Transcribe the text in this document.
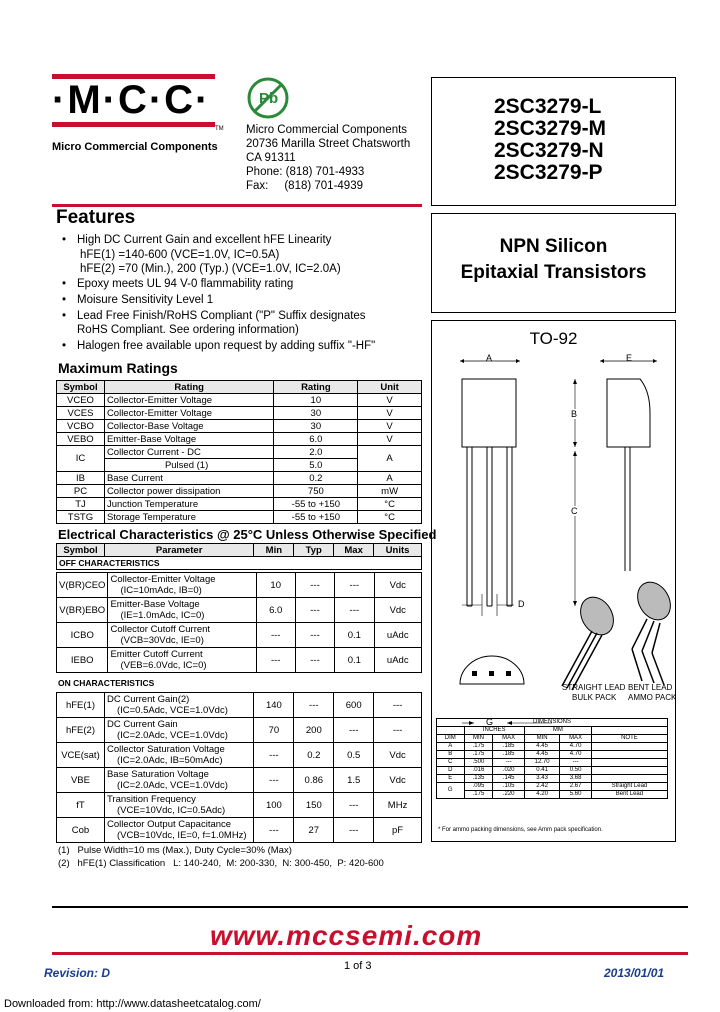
·M·C·C·
TM
Micro Commercial Components
Pb
Micro Commercial Components
20736 Marilla Street Chatsworth
CA 91311
Phone: (818) 701-4933
Fax:     (818) 701-4939
2SC3279-L
2SC3279-M
2SC3279-N
2SC3279-P
NPN Silicon
Epitaxial Transistors
Features
• High DC Current Gain and excellent hFE Linearity
hFE(1) =140-600 (VCE=1.0V, IC=0.5A)
hFE(2) =70 (Min.), 200 (Typ.) (VCE=1.0V, IC=2.0A)
• Epoxy meets UL 94 V-0 flammability rating
• Moisure Sensitivity Level 1
• Lead Free Finish/RoHS Compliant ("P" Suffix designates
RoHS Compliant. See ordering information)
• Halogen free available upon request by adding suffix "-HF"
Maximum Ratings
Symbol	Rating	Rating	Unit
VCEO	Collector-Emitter Voltage	10	V
VCES	Collector-Emitter Voltage	30	V
VCBO	Collector-Base Voltage	30	V
VEBO	Emitter-Base Voltage	6.0	V
IC	Collector Current - DC	2.0	A
	Pulsed (1)	5.0	
IB	Base Current	0.2	A
PC	Collector power dissipation	750	mW
TJ	Junction Temperature	-55 to +150	°C
TSTG	Storage Temperature	-55 to +150	°C
Electrical Characteristics @ 25°C Unless Otherwise Specified
Symbol	Parameter	Min	Typ	Max	Units
OFF CHARACTERISTICS
V(BR)CEO	Collector-Emitter Voltage
(IC=10mAdc, IB=0)	10	---	---	Vdc
V(BR)EBO	Emitter-Base Voltage
(IE=1.0mAdc, IC=0)	6.0	---	---	Vdc
ICBO	Collector Cutoff Current
(VCB=30Vdc, IE=0)	---	---	0.1	uAdc
IEBO	Emitter Cutoff Current
(VEB=6.0Vdc, IC=0)	---	---	0.1	uAdc
ON CHARACTERISTICS
hFE(1)	DC Current Gain(2)
(IC=0.5Adc, VCE=1.0Vdc)	140	---	600	---
hFE(2)	DC Current Gain
(IC=2.0Adc, VCE=1.0Vdc)	70	200	---	---
VCE(sat)	Collector Saturation Voltage
(IC=2.0Adc, IB=50mAdc)	---	0.2	0.5	Vdc
VBE	Base Saturation Voltage
(IC=2.0Adc, VCE=1.0Vdc)	---	0.86	1.5	Vdc
fT	Transition Frequency
(VCE=10Vdc, IC=0.5Adc)	100	150	---	MHz
Cob	Collector Output Capacitance
(VCB=10Vdc, IE=0, f=1.0MHz)	---	27	---	pF
(1)   Pulse Width=10 ms (Max.), Duty Cycle=30% (Max)
(2)   hFE(1) Classification   L: 140-240,  M: 200-330,  N: 300-450,  P: 420-600
TO-92
A	E
B
C
D
G
STRAIGHT LEAD
BULK PACK
BENT LEAD
AMMO PACK
DIMENSIONS					
	INCHES		MM		
DIM	MIN	MAX	MIN	MAX	NOTE
A	.175	.185	4.45	4.70	
B	.175	.185	4.45	4.70	
C	.500	---	12.70	---	
D	.016	.020	0.41	0.50	
E	.135	.145	3.43	3.68	
G	.095	.105	2.42	2.67	Straight Lead
	.175	.220	4.20	5.60	Bent Lead
* For ammo packing dimensions, see Amm pack specification.
www.mccsemi.com
Revision: D	1 of 3	2013/01/01
Downloaded from: http://www.datasheetcatalog.com/
